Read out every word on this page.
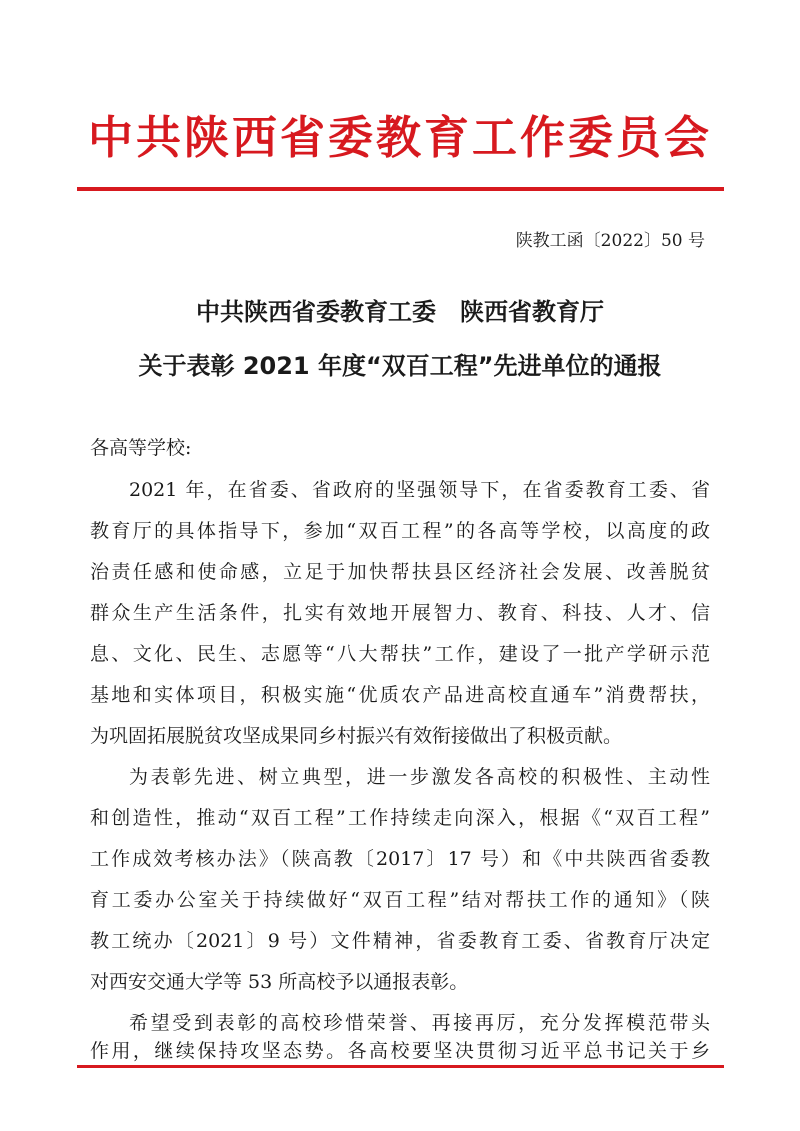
中共陕西省委教育工作委员会
陕教工函〔2022〕50 号
中共陕西省委教育工委　陕西省教育厅
关于表彰 2021 年度“双百工程”先进单位的通报
各高等学校:
2021 年，在省委、省政府的坚强领导下，在省委教育工委、省
教育厅的具体指导下，参加“双百工程”的各高等学校，以高度的政
治责任感和使命感，立足于加快帮扶县区经济社会发展、改善脱贫
群众生产生活条件，扎实有效地开展智力、教育、科技、人才、信
息、文化、民生、志愿等“八大帮扶”工作，建设了一批产学研示范
基地和实体项目，积极实施“优质农产品进高校直通车”消费帮扶，
为巩固拓展脱贫攻坚成果同乡村振兴有效衔接做出了积极贡献。
为表彰先进、树立典型，进一步激发各高校的积极性、主动性
和创造性，推动“双百工程”工作持续走向深入，根据《“双百工程”
工作成效考核办法》（陕高教〔2017〕17 号）和《中共陕西省委教
育工委办公室关于持续做好“双百工程”结对帮扶工作的通知》（陕
教工统办〔2021〕9 号）文件精神，省委教育工委、省教育厅决定
对西安交通大学等 53 所高校予以通报表彰。
希望受到表彰的高校珍惜荣誉、再接再厉，充分发挥模范带头
作用，继续保持攻坚态势。各高校要坚决贯彻习近平总书记关于乡
